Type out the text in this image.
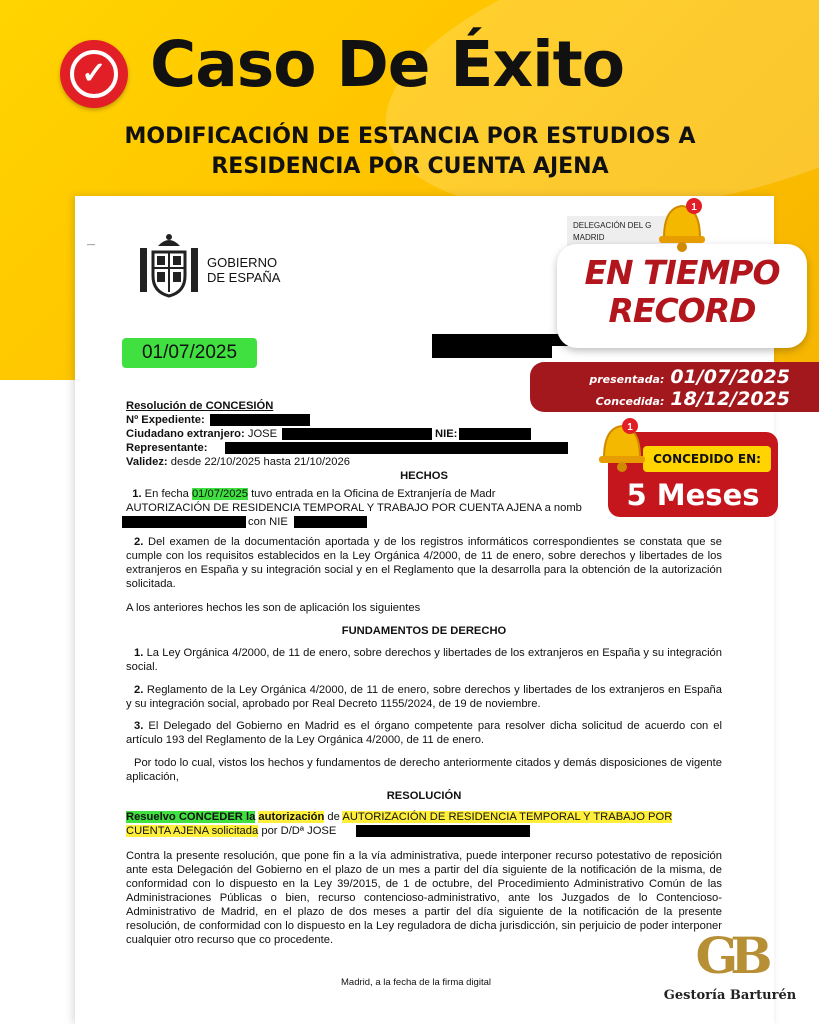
✓ Caso De Éxito
MODIFICACIÓN DE ESTANCIA POR ESTUDIOS A
RESIDENCIA POR CUENTA AJENA
—
GOBIERNO
DE ESPAÑA
DELEGACIÓN DEL G
MADRID
01/07/2025
EN TIEMPO
RECORD
1
presentada: 01/07/2025
Concedida: 18/12/2025
CONCEDIDO EN:
5 Meses
1
Resolución de CONCESIÓN
Nº Expediente:
Ciudadano extranjero: JOSE	NIE:
Representante:
Validez: desde 22/10/2025 hasta 21/10/2026
HECHOS
1. En fecha 01/07/2025 tuvo entrada en la Oficina de Extranjería de Madr
AUTORIZACIÓN DE RESIDENCIA TEMPORAL Y TRABAJO POR CUENTA AJENA a nomb
con NIE
2. Del examen de la documentación aportada y de los registros informáticos correspondientes se constata que se cumple con los requisitos establecidos en la Ley Orgánica 4/2000, de 11 de enero, sobre derechos y libertades de los extranjeros en España y su integración social y en el Reglamento que la desarrolla para la obtención de la autorización solicitada.
A los anteriores hechos les son de aplicación los siguientes
FUNDAMENTOS DE DERECHO
1. La Ley Orgánica 4/2000, de 11 de enero, sobre derechos y libertades de los extranjeros en España y su integración social.
2. Reglamento de la Ley Orgánica 4/2000, de 11 de enero, sobre derechos y libertades de los extranjeros en España y su integración social, aprobado por Real Decreto 1155/2024, de 19 de noviembre.
3. El Delegado del Gobierno en Madrid es el órgano competente para resolver dicha solicitud de acuerdo con el artículo 193 del Reglamento de la Ley Orgánica 4/2000, de 11 de enero.
Por todo lo cual, vistos los hechos y fundamentos de derecho anteriormente citados y demás disposiciones de vigente aplicación,
RESOLUCIÓN
Resuelvo CONCEDER la autorización de AUTORIZACIÓN DE RESIDENCIA TEMPORAL Y TRABAJO POR
CUENTA AJENA solicitada por D/Dª JOSE
Contra la presente resolución, que pone fin a la vía administrativa, puede interponer recurso potestativo de reposición ante esta Delegación del Gobierno en el plazo de un mes a partir del día siguiente de la notificación de la misma, de conformidad con lo dispuesto en la Ley 39/2015, de 1 de octubre, del Procedimiento Administrativo Común de las Administraciones Públicas o bien, recurso contencioso-administrativo, ante los Juzgados de lo Contencioso-Administrativo de Madrid, en el plazo de dos meses a partir del día siguiente de la notificación de la presente resolución, de conformidad con lo dispuesto en la Ley reguladora de dicha jurisdicción, sin perjuicio de poder interponer cualquier otro recurso que co procedente.
Madrid, a la fecha de la firma digital	GB
Gestoría Barturén
